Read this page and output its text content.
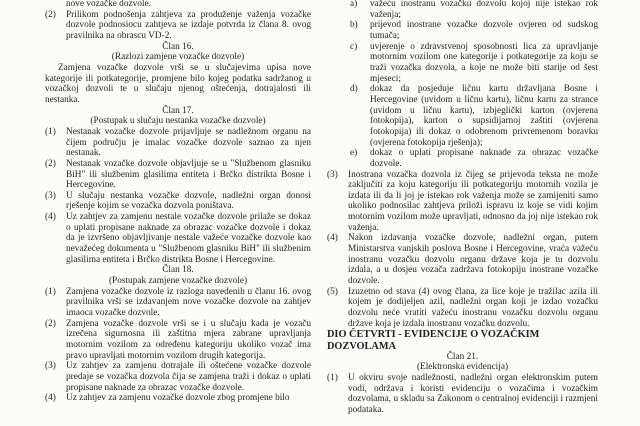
nove vozačke dozvole.
(2) Prilikom podnošenja zahtjeva za produženje važenja vozačke dozvole podnosiocu zahtjeva se izdaje potvrda iz člana 8. ovog pravilnika na obrascu VD-2.
Član 16.
(Razlozi zamjene vozačke dozvole)
Zamjena vozačke dozvole vrši se u slučajevima upisa nove kategorije ili potkategorije, promjene bilo kojeg podatka sadržanog u vozačkoj dozvoli te u slučaju njenog oštećenja, dotrajalosti ili nestanka.
Član 17.
(Postupak u slučaju nestanka vozačke dozvole)
(1) Nestanak vozačke dozvole prijavljuje se nadležnom organu na čijem području je imalac vozačke dozvole saznao za njen nestanak.
(2) Nestanak vozačke dozvole objavljuje se u "Službenom glasniku BiH" ili službenim glasilima entiteta i Brčko distrikta Bosne i Hercegovine.
(3) U slučaju nestanka vozačke dozvole, nadležni organ donosi rješenje kojim se vozačka dozvola poništava.
(4) Uz zahtjev za zamjenu nestale vozačke dozvole prilaže se dokaz o uplati propisane naknade za obrazac vozačke dozvole i dokaz da je izvršeno objavljivanje nestale važeće vozačke dozvole kao nevažećeg dokumenta u "Službenom glasniku BiH" ili službenim glasilima entiteta i Brčko distrikta Bosne i Hercegovine.
Član 18.
(Postupak zamjene vozačke dozvole)
(1) Zamjena vozačke dozvole iz razloga navedenih u članu 16. ovog pravilnika vrši se izdavanjem nove vozačke dozvole na zahtjev imaoca vozačke dozvole.
(2) Zamjena vozačke dozvole vrši se i u slučaju kada je vozaču izrečena sigurnosna ili zaštitna mjera zabrane upravljanja motornim vozilom za određenu kategoriju ukoliko vozač ima pravo upravljati motornim vozilom drugih kategorija.
(3) Uz zahtjev za zamjenu dotrajale ili oštećene vozačke dozvole predaje se vozačka dozvola čija se zamjena traži i dokaz o uplati propisane naknade za obrazac vozačke dozvole.
(4) Uz zahtjev za zamjenu vozačke dozvole zbog promjene bilo
a) važeću inostranu vozačku dozvolu kojoj nije istekao rok važenja;
b) prijevod inostrane vozačke dozvole ovjeren od sudskog tumača;
c) uvjerenje o zdravstvenoj sposobnosti lica za upravljanje motornim vozilom one kategorije i potkategorije za koju se traži vozačka dozvola, a koje ne može biti starije od šest mjeseci;
d) dokaz da posjeduje ličnu kartu državljana Bosne i Hercegovine (uvidom u ličnu kartu), ličnu kartu za strance (uvidom u ličnu kartu), izbjeglički karton (ovjerena fotokopija), karton o supsidijarnoj zaštiti (ovjerena fotokopija) ili dokaz o odobrenom privremenom boravku (ovjerena fotokopija rješenja);
e) dokaz o uplati propisane naknade za obrazac vozačke dozvole.
(3) Inostrana vozačka dozvola iz čijeg se prijevoda teksta ne može zaključiti za koju kategoriju ili potkategoriju motornih vozila je izdata ili da li joj je istekao rok važenja može se zamijeniti samo ukoliko podnosilac zahtjeva priloži ispravu iz koje se vidi kojim motornim vozilom može upravljati, odnosno da joj nije istekao rok važenja.
(4) Nakon izdavanja vozačke dozvole, nadležni organ, putem Ministarstva vanjskih poslova Bosne i Hercegovine, vraća važeću inostranu vozačku dozvolu organu države koja je tu dozvolu izdala, a u dosjeu vozača zadržava fotokopiju inostrane vozačke dozvole.
(5) Izuzetno od stava (4) ovog člana, za lice koje je tražilac azila ili kojem je dodijeljen azil, nadležni organ koji je izdao vozačku dozvolu neće vratiti važeću inostranu vozačku dozvolu organu države koja je izdala inostranu vozačku dozvolu.
DIO ČETVRTI - EVIDENCIJE O VOZAČKIM DOZVOLAMA
Član 21.
(Elektronska evidencija)
(1) U okviru svoje nadležnosti, nadležni organ elektronskim putem vodi, održava i koristi evidenciju o vozačima i vozačkim dozvolama, u skladu sa Zakonom o centralnoj evidenciji i razmjeni podataka.
